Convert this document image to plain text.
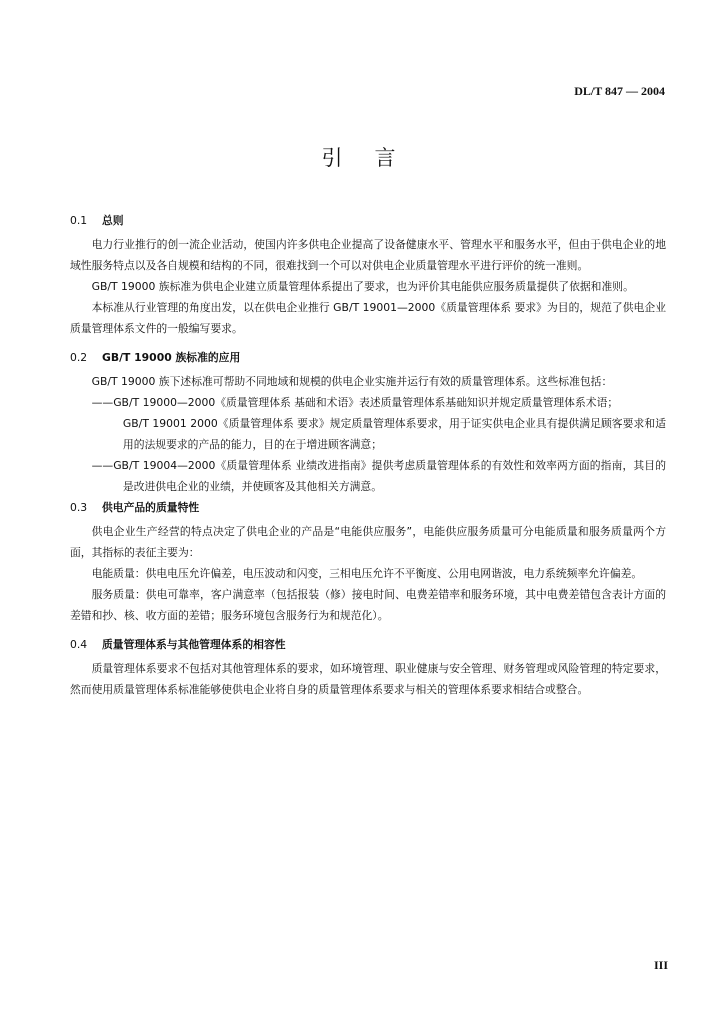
DL/T 847 — 2004
引言
0.1 总则

电力行业推行的创一流企业活动，使国内许多供电企业提高了设备健康水平、管理水平和服务水平，但由于供电企业的地域性服务特点以及各自规模和结构的不同，很难找到一个可以对供电企业质量管理水平进行评价的统一准则。

GB/T 19000 族标准为供电企业建立质量管理体系提出了要求，也为评价其电能供应服务质量提供了依据和准则。

本标准从行业管理的角度出发，以在供电企业推行 GB/T 19001—2000《质量管理体系 要求》为目的，规范了供电企业质量管理体系文件的一般编写要求。

0.2 GB/T 19000 族标准的应用

GB/T 19000 族下述标准可帮助不同地域和规模的供电企业实施并运行有效的质量管理体系。这些标准包括：

——GB/T 19000—2000《质量管理体系 基础和术语》表述质量管理体系基础知识并规定质量管理体系术语；

GB/T 19001 2000《质量管理体系 要求》规定质量管理体系要求，用于证实供电企业具有提供满足顾客要求和适用的法规要求的产品的能力，目的在于增进顾客满意；

——GB/T 19004—2000《质量管理体系 业绩改进指南》提供考虑质量管理体系的有效性和效率两方面的指南，其目的是改进供电企业的业绩，并使顾客及其他相关方满意。

0.3 供电产品的质量特性

供电企业生产经营的特点决定了供电企业的产品是“电能供应服务”，电能供应服务质量可分电能质量和服务质量两个方面，其指标的表征主要为：

电能质量：供电电压允许偏差，电压波动和闪变，三相电压允许不平衡度、公用电网谐波，电力系统频率允许偏差。

服务质量：供电可靠率，客户满意率（包括报装（修）接电时间、电费差错率和服务环境，其中电费差错包含表计方面的差错和抄、核、收方面的差错；服务环境包含服务行为和规范化）。

0.4 质量管理体系与其他管理体系的相容性

质量管理体系要求不包括对其他管理体系的要求，如环境管理、职业健康与安全管理、财务管理或风险管理的特定要求，然而使用质量管理体系标准能够使供电企业将自身的质量管理体系要求与相关的管理体系要求相结合或整合。

III
